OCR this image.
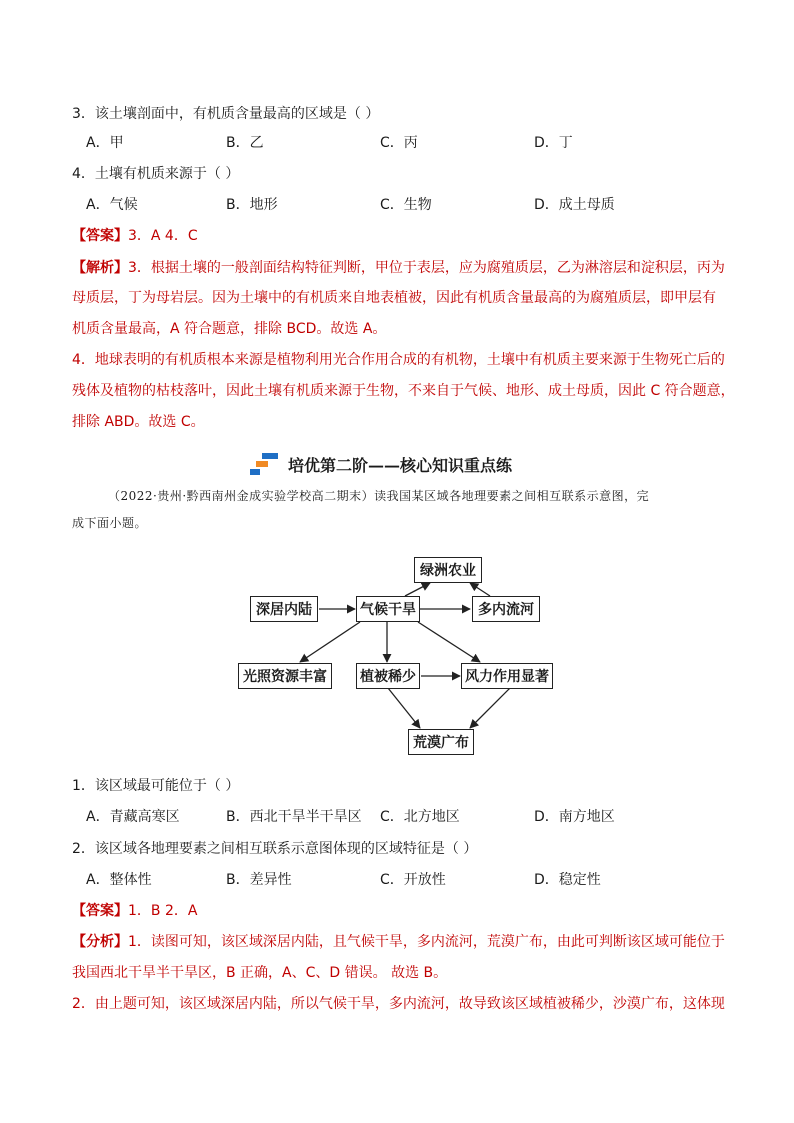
3．该土壤剖面中，有机质含量最高的区域是（ ）
A．甲	B．乙	C．丙	D．丁
4．土壤有机质来源于（ ）
A．气候	B．地形	C．生物	D．成土母质
【答案】3．A 4．C
【解析】3．根据土壤的一般剖面结构特征判断，甲位于表层，应为腐殖质层，乙为淋溶层和淀积层，丙为
母质层，丁为母岩层。因为土壤中的有机质来自地表植被，因此有机质含量最高的为腐殖质层，即甲层有
机质含量最高，A 符合题意，排除 BCD。故选 A。
4．地球表明的有机质根本来源是植物利用光合作用合成的有机物，土壤中有机质主要来源于生物死亡后的
残体及植物的枯枝落叶，因此土壤有机质来源于生物，不来自于气候、地形、成土母质，因此 C 符合题意，
排除 ABD。故选 C。
培优第二阶——核心知识重点练
（2022·贵州·黔西南州金成实验学校高二期末）读我国某区域各地理要素之间相互联系示意图，完
成下面小题。
绿洲农业
深居内陆	气候干旱	多内流河
光照资源丰富	植被稀少	风力作用显著
荒漠广布
1．该区域最可能位于（ ）
A．青藏高寒区	B．西北干旱半干旱区 C．北方地区	D．南方地区
2．该区域各地理要素之间相互联系示意图体现的区域特征是（ ）
A．整体性	B．差异性	C．开放性	D．稳定性
【答案】1．B 2．A
【分析】1．读图可知，该区域深居内陆，且气候干旱，多内流河，荒漠广布，由此可判断该区域可能位于
我国西北干旱半干旱区，B 正确，A、C、D 错误。 故选 B。
2．由上题可知，该区域深居内陆，所以气候干旱，多内流河，故导致该区域植被稀少，沙漠广布，这体现
